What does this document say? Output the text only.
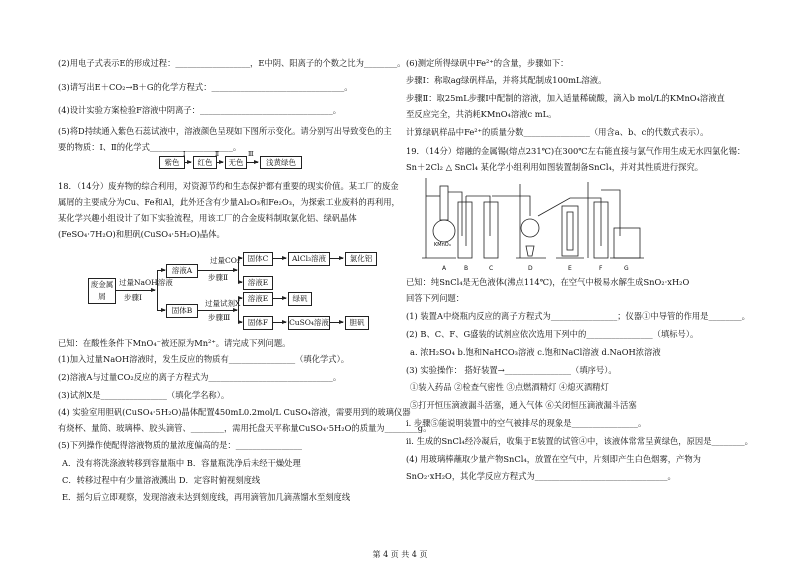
(2)用电子式表示E的形成过程：__________________，E中阴、阳离子的个数之比为________。
(3)请写出E＋CO₂→B＋G的化学方程式：________________________________。
(4)设计实验方案检验F溶液中阴离子：________________________________。
(5)将D持续通入紫色石蕊试液中，溶液颜色呈现如下图所示变化。请分别写出导致变色的主
要的物质：Ⅰ、Ⅱ的化学式____________________。
紫色
Ⅰ
红色
Ⅱ
无色
Ⅲ
浅黄绿色
18．（14分）废弃物的综合利用，对资源节约和生态保护都有重要的现实价值。某工厂的废金
属屑的主要成分为Cu、Fe和Al，此外还含有少量Al₂O₃和Fe₂O₃，为探索工业废料的再利用，
某化学兴趣小组设计了如下实验流程，用该工厂的合金废料制取氯化铝、绿矾晶体
(FeSO₄·7H₂O)和胆矾(CuSO₄·5H₂O)晶体。
废金属屑
过量NaOH溶液
步骤Ⅰ
溶液A
固体B
过量CO₂
步骤Ⅱ
固体C
溶液E
AlCl₃溶液	氯化铝
过量试剂X
步骤Ⅲ
溶液E	绿矾
固体F	CuSO₄溶液	胆矾
已知：在酸性条件下MnO₄⁻被还原为Mn²⁺。请完成下列问题。
(1)加入过量NaOH溶液时，发生反应的物质有________________（填化学式）。
(2)溶液A与过量CO₂反应的离子方程式为______________________________。
(3)试剂X是________________（填化学名称）。
(4) 实验室用胆矾(CuSO₄·5H₂O)晶体配置450mL0.2mol/L CuSO₄溶液，需要用到的玻璃仪器
有烧杯、量筒、玻璃棒、胶头滴管、________，需用托盘天平称量CuSO₄·5H₂O的质量为________g。
(5)下列操作使配得溶液物质的量浓度偏高的是：________________
A．没有将洗涤液转移到容量瓶中 B．容量瓶洗净后未经干燥处理
C．转移过程中有少量溶液溅出 D．定容时俯视刻度线
E．摇匀后立即观察，发现溶液未达到刻度线，再用滴管加几滴蒸馏水至刻度线
(6)测定所得绿矾中Fe²⁺的含量，步骤如下：
步骤Ⅰ：称取ag绿矾样品，并将其配制成100mL溶液。
步骤Ⅱ：取25mL步骤Ⅰ中配制的溶液，加入适量稀硫酸，滴入b mol/L的KMnO₄溶液直
至反应完全，共消耗KMnO₄溶液c mL。
计算绿矾样品中Fe²⁺的质量分数________________（用含a、b、c的代数式表示）。
19．（14分）熔融的金属锡(熔点231℃)在300℃左右能直接与氯气作用生成无水四氯化锡：
Sn＋2Cl₂ △ SnCl₄ 某化学小组利用如图装置制备SnCl₄，并对其性质进行探究。
KMnO₄
A	B	C	D	E	F	G
已知：纯SnCl₄是无色液体(沸点114℃)，在空气中极易水解生成SnO₂·xH₂O
回答下列问题：
(1) 装置A中烧瓶内反应的离子方程式为________________；仪器①中导管的作用是________。
(2) B、C、F、G盛装的试剂应依次选用下列中的________________（填标号）。
a. 浓H₂SO₄ b.饱和NaHCO₃溶液 c.饱和NaCl溶液 d.NaOH浓溶液
(3) 实验操作： 搭好装置→________________（填序号）。
①装入药品 ②检查气密性 ③点燃酒精灯 ④熄灭酒精灯
⑤打开恒压滴液漏斗活塞，通入气体 ⑥关闭恒压滴液漏斗活塞
i. 步骤⑤能说明装置中的空气被排尽的现象是________________。
ii. 生成的SnCl₄经冷凝后，收集于E装置的试管④中，该液体常常呈黄绿色，原因是________。
(4) 用玻璃棒蘸取少量产物SnCl₄，放置在空气中，片刻即产生白色烟雾，产物为
SnO₂·xH₂O，其化学反应方程式为________________________________。
第 4 页 共 4 页
